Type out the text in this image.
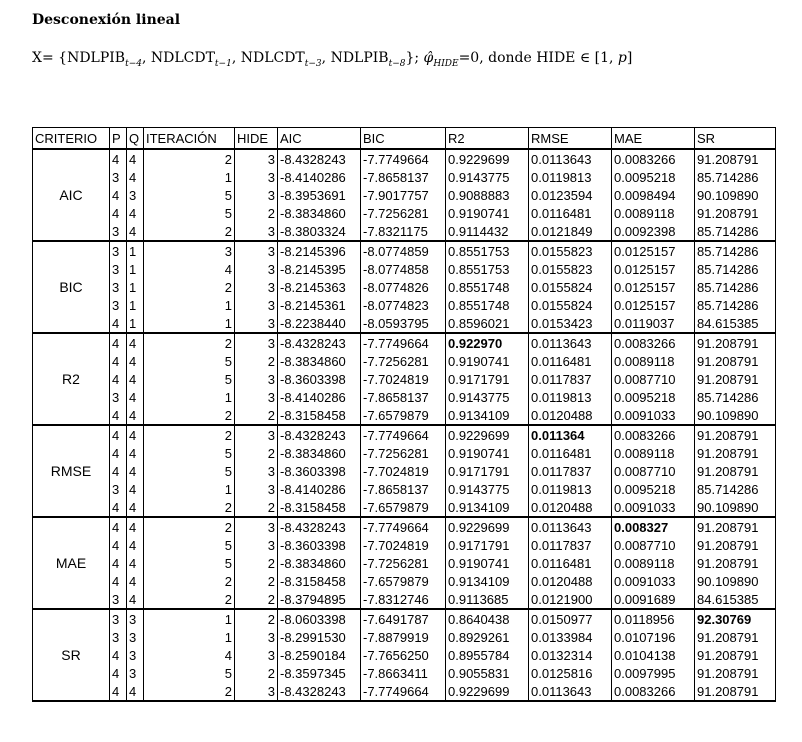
Desconexión lineal
$X= \{NDLPIB_{t-4}$, $NDLCDT_{t-1}$, $NDLCDT_{t-3}$, $NDLPIB_{t-8}$}; $\varphî_{HIDE}=0$, donde HIDE ∈ [1, p]
CRITERIO	P	Q	ITERACIÓN	HIDE	AIC	BIC	R2	RMSE	MAE	SR
AIC	4	4	2	3	-8.4328243	-7.7749664	0.9229699	0.0113643	0.0083266	91.208791
	3	4	1	3	-8.4140286	-7.8658137	0.9143775	0.0119813	0.0095218	85.714286
	4	3	5	3	-8.3953691	-7.9017757	0.9088883	0.0123594	0.0098494	90.109890
	4	4	5	2	-8.3834860	-7.7256281	0.9190741	0.0116481	0.0089118	91.208791
	3	4	2	3	-8.3803324	-7.8321175	0.9114432	0.0121849	0.0092398	85.714286
BIC	3	1	3	3	-8.2145396	-8.0774859	0.8551753	0.0155823	0.0125157	85.714286
	3	1	4	3	-8.2145395	-8.0774858	0.8551753	0.0155823	0.0125157	85.714286
	3	1	2	3	-8.2145363	-8.0774826	0.8551748	0.0155824	0.0125157	85.714286
	3	1	1	3	-8.2145361	-8.0774823	0.8551748	0.0155824	0.0125157	85.714286
	4	1	1	3	-8.2238440	-8.0593795	0.8596021	0.0153423	0.0119037	84.615385
R2	4	4	2	3	-8.4328243	-7.7749664	0.922970	0.0113643	0.0083266	91.208791
	4	4	5	2	-8.3834860	-7.7256281	0.9190741	0.0116481	0.0089118	91.208791
	4	4	5	3	-8.3603398	-7.7024819	0.9171791	0.0117837	0.0087710	91.208791
	3	4	1	3	-8.4140286	-7.8658137	0.9143775	0.0119813	0.0095218	85.714286
	4	4	2	2	-8.3158458	-7.6579879	0.9134109	0.0120488	0.0091033	90.109890
RMSE	4	4	2	3	-8.4328243	-7.7749664	0.9229699	0.011364	0.0083266	91.208791
	4	4	5	2	-8.3834860	-7.7256281	0.9190741	0.0116481	0.0089118	91.208791
	4	4	5	3	-8.3603398	-7.7024819	0.9171791	0.0117837	0.0087710	91.208791
	3	4	1	3	-8.4140286	-7.8658137	0.9143775	0.0119813	0.0095218	85.714286
	4	4	2	2	-8.3158458	-7.6579879	0.9134109	0.0120488	0.0091033	90.109890
MAE	4	4	2	3	-8.4328243	-7.7749664	0.9229699	0.0113643	0.008327	91.208791
	4	4	5	3	-8.3603398	-7.7024819	0.9171791	0.0117837	0.0087710	91.208791
	4	4	5	2	-8.3834860	-7.7256281	0.9190741	0.0116481	0.0089118	91.208791
	4	4	2	2	-8.3158458	-7.6579879	0.9134109	0.0120488	0.0091033	90.109890
	3	4	2	2	-8.3794895	-7.8312746	0.9113685	0.0121900	0.0091689	84.615385
SR	3	3	1	2	-8.0603398	-7.6491787	0.8640438	0.0150977	0.0118956	92.30769
	3	3	1	3	-8.2991530	-7.8879919	0.8929261	0.0133984	0.0107196	91.208791
	4	3	4	3	-8.2590184	-7.7656250	0.8955784	0.0132314	0.0104138	91.208791
	4	3	5	2	-8.3597345	-7.8663411	0.9055831	0.0125816	0.0097995	91.208791
	4	4	2	3	-8.4328243	-7.7749664	0.9229699	0.0113643	0.0083266	91.208791
